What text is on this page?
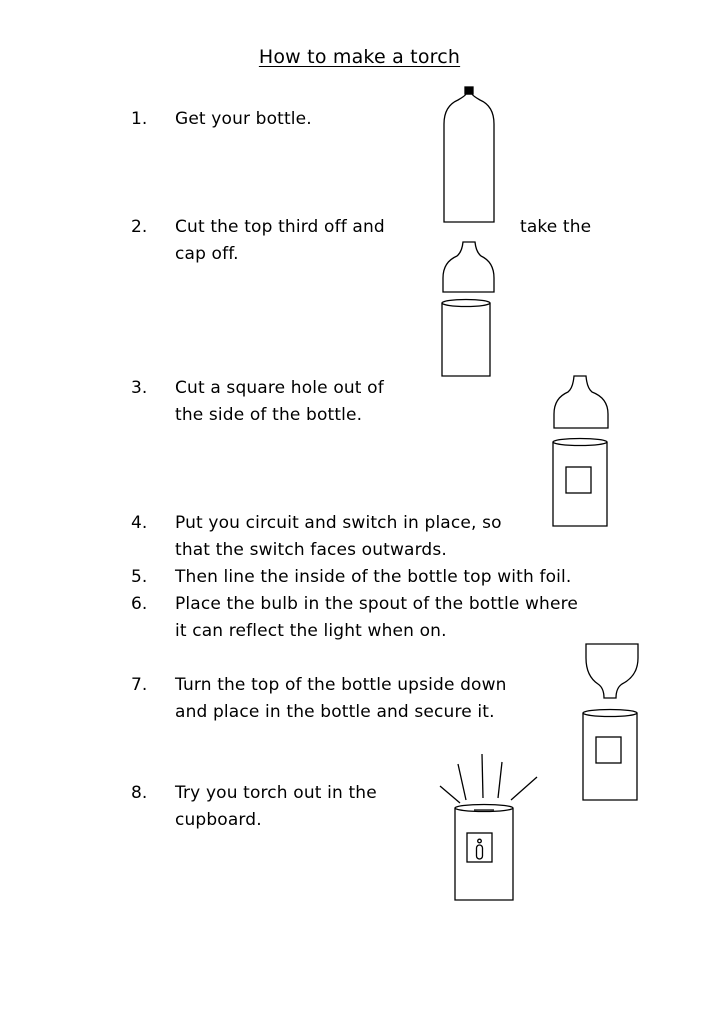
How to make a torch
1. Get your bottle.
2. Cut the top third off and	take the
cap off.
3. Cut a square hole out of
the side of the bottle.
4. Put you circuit and switch in place, so
that the switch faces outwards.
5. Then line the inside of the bottle top with foil.
6. Place the bulb in the spout of the bottle where
it can reflect the light when on.
7. Turn the top of the bottle upside down
and place in the bottle and secure it.
8. Try you torch out in the
cupboard.
